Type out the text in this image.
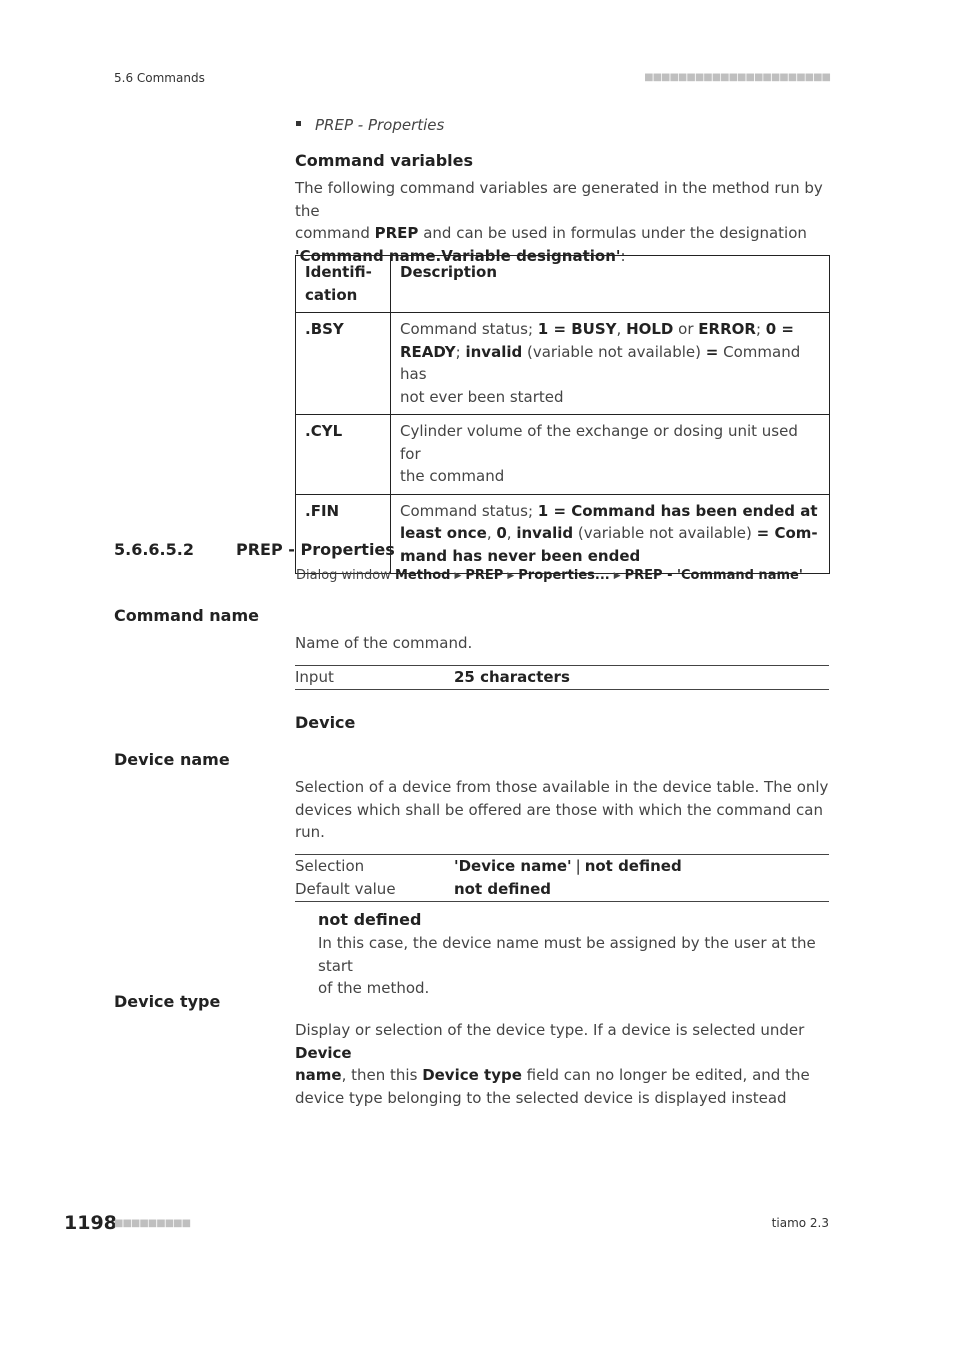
5.6 Commands	■■■■■■■■■■■■■■■■■■■■■■
PREP - Properties
Command variables
The following command variables are generated in the method run by the
command PREP and can be used in formulas under the designation
'Command name.Variable designation':
Identifi-
cation	Description
.BSY	Command status; 1 = BUSY, HOLD or ERROR; 0 =
READY; invalid (variable not available) = Command has
not ever been started

.CYL	Cylinder volume of the exchange or dosing unit used for
the command

.FIN	Command status; 1 = Command has been ended at
least once, 0, invalid (variable not available) = Com-
mand has never been ended
5.6.6.5.2	PREP - Properties
Dialog window Method ▶ PREP ▶ Properties... ▶ PREP - 'Command name'
Command name
Name of the command.
Input	25 characters
Device
Device name
Selection of a device from those available in the device table. The only
devices which shall be offered are those with which the command can
run.
Selection	'Device name' | not defined
Default value	not defined
not defined
In this case, the device name must be assigned by the user at the start
of the method.
Device type
Display or selection of the device type. If a device is selected under Device
name, then this Device type field can no longer be edited, and the
device type belonging to the selected device is displayed instead
1198
■■■■■■■■■	tiamo 2.3
